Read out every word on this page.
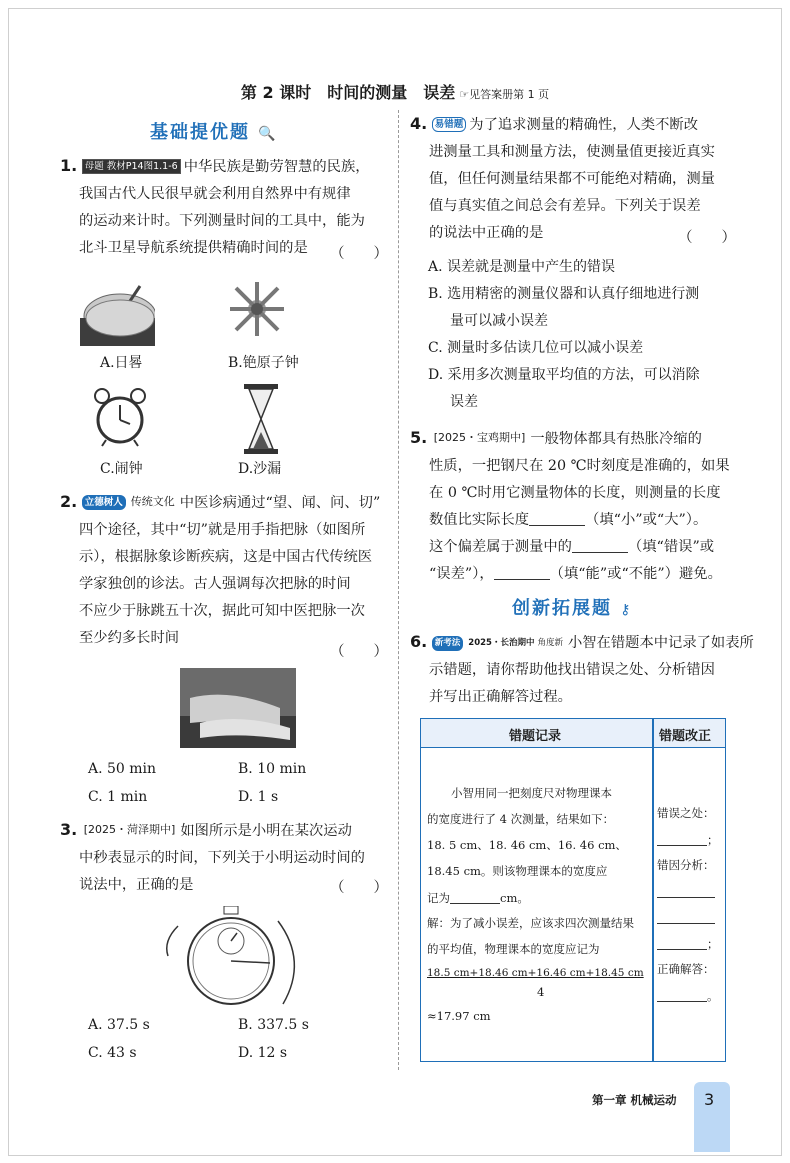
第 2 课时　时间的测量　误差 ☞见答案册第 1 页
基础提优题 🔍
1. 母题 教材P14图1.1-6 中华民族是勤劳智慧的民族，
我国古代人民很早就会利用自然界中有规律
的运动来计时。下列测量时间的工具中，能为
北斗卫星导航系统提供精确时间的是	（　　）
A.日晷	B.铯原子钟
C.闹钟	D.沙漏
2. 立德树人 传统文化 中医诊病通过“望、闻、问、切”
四个途径，其中“切”就是用手指把脉（如图所
示），根据脉象诊断疾病，这是中国古代传统医
学家独创的诊法。古人强调每次把脉的时间
不应少于脉跳五十次，据此可知中医把脉一次
至少约多长时间
（　　）
A. 50 min	B. 10 min
C. 1 min	D. 1 s
3. [2025・菏泽期中] 如图所示是小明在某次运动
中秒表显示的时间，下列关于小明运动时间的
说法中，正确的是	（　　）
A. 37.5 s	B. 337.5 s
C. 43 s	D. 12 s
4. 易错题 为了追求测量的精确性，人类不断改
进测量工具和测量方法，使测量值更接近真实
值，但任何测量结果都不可能绝对精确，测量
值与真实值之间总会有差异。下列关于误差
的说法中正确的是	（　　）
A. 误差就是测量中产生的错误
B. 选用精密的测量仪器和认真仔细地进行测
量可以减小误差
C. 测量时多估读几位可以减小误差
D. 采用多次测量取平均值的方法，可以消除
误差
5. [2025・宝鸡期中] 一般物体都具有热胀冷缩的
性质，一把钢尺在 20 ℃时刻度是准确的，如果
在 0 ℃时用它测量物体的长度，则测量的长度
数值比实际长度	（填“小”或“大”）。
这个偏差属于测量中的	（填“错误”或
“误差”），	（填“能”或“不能”）避免。
创新拓展题 ⚷
6. 新考法 2025・长治期中 角度新 小智在错题本中记录了如表所
示错题，请你帮助他找出错误之处、分析错因
并写出正确解答过程。
错题记录	错题改正
小智用同一把刻度尺对物理课本
的宽度进行了 4 次测量，结果如下：
18. 5 cm、18. 46 cm、16. 46 cm、
18.45 cm。则该物理课本的宽度应
记为	cm。
解：为了减小误差，应该求四次测量结果
的平均值，物理课本的宽度应记为
18.5 cm+18.46 cm+16.46 cm+18.45 cm
4
≈17.97 cm
错误之处：
；
错因分析：
；
正确解答：
。
第一章 机械运动 3
